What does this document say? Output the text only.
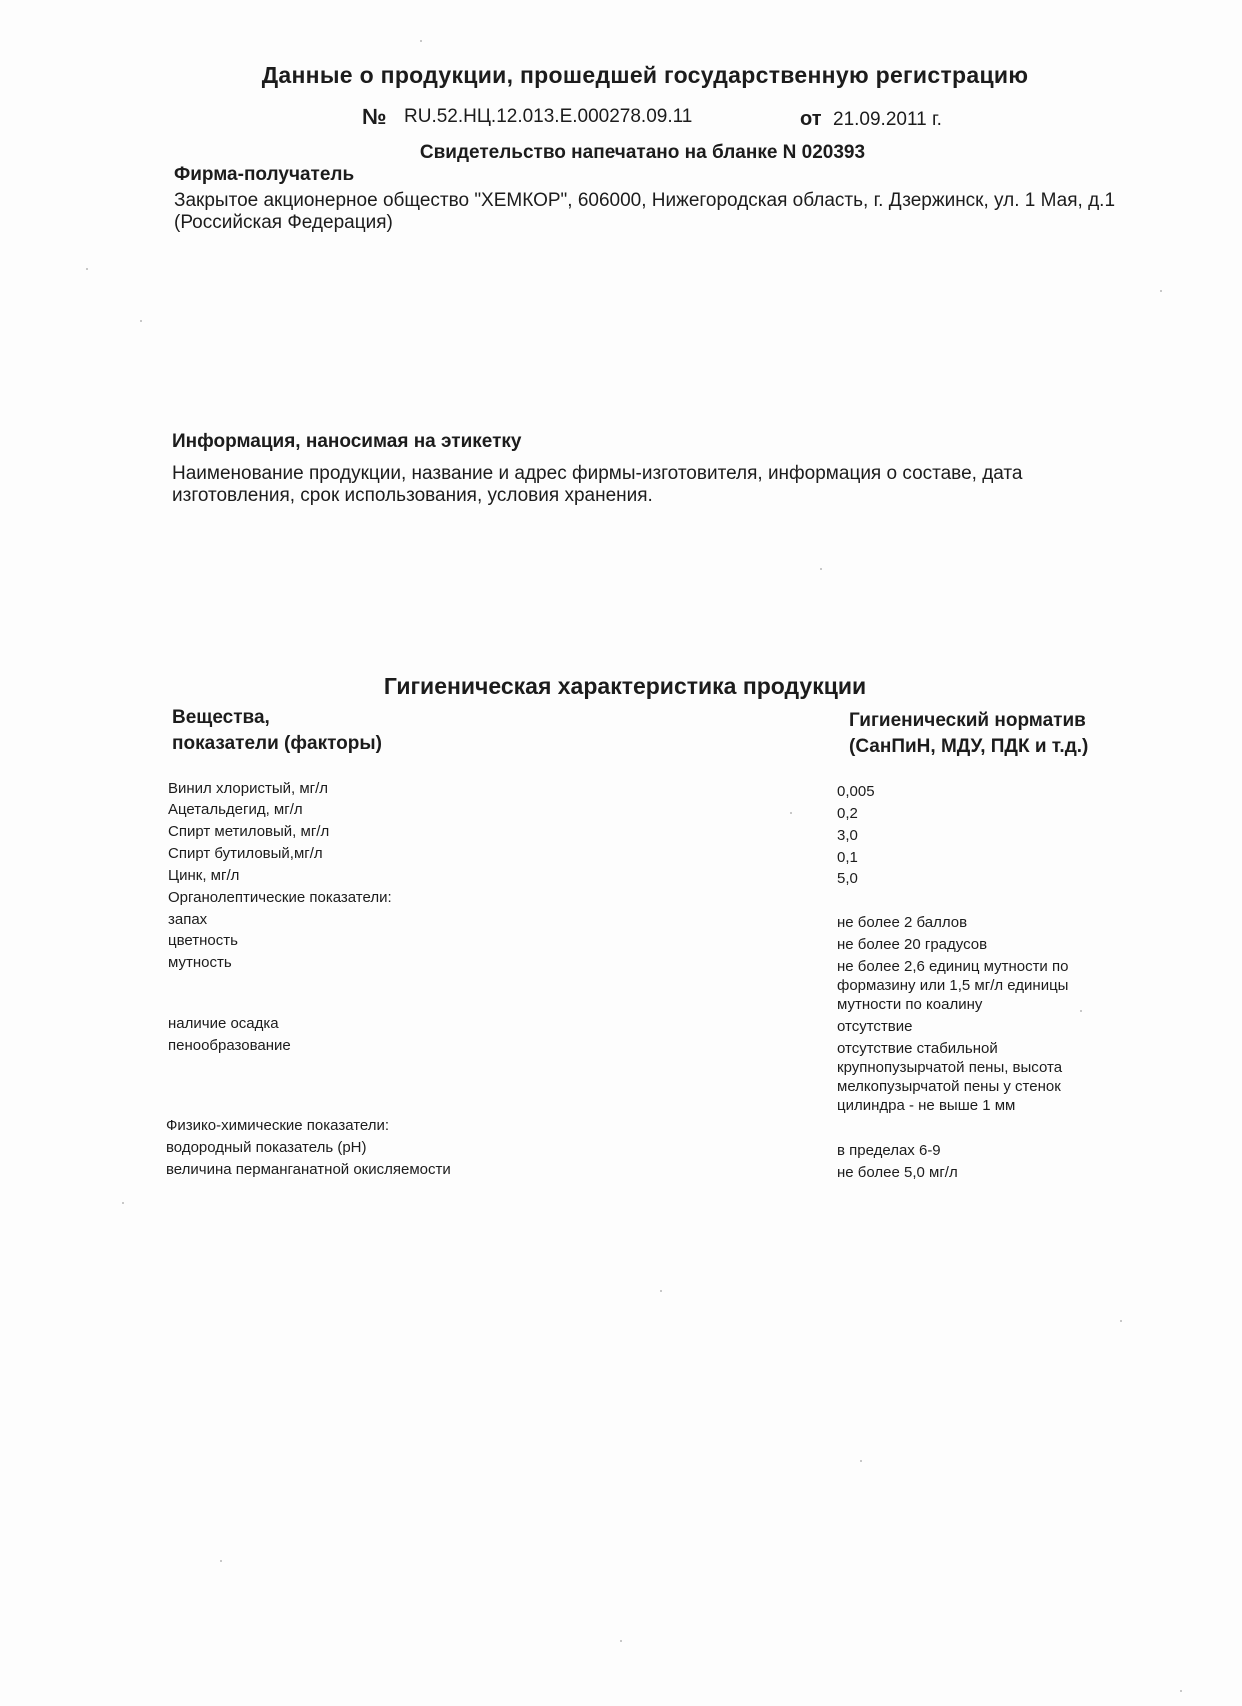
Данные о продукции, прошедшей государственную регистрацию
№ RU.52.НЦ.12.013.Е.000278.09.11	от 21.09.2011 г.
Свидетельство напечатано на бланке N 020393
Фирма-получатель
Закрытое акционерное общество "ХЕМКОР", 606000, Нижегородская область, г. Дзержинск, ул. 1 Мая, д.1 (Российская Федерация)
Информация, наносимая на этикетку
Наименование продукции, название и адрес фирмы-изготовителя, информация о составе, дата изготовления, срок использования, условия хранения.
Гигиеническая характеристика продукции
Вещества,
показатели (факторы)
Гигиенический норматив
(СанПиН, МДУ, ПДК и т.д.)
Винил хлористый, мг/л	0,005
Ацетальдегид, мг/л	0,2
Спирт метиловый, мг/л	3,0
Спирт бутиловый,мг/л	0,1
Цинк, мг/л	5,0
Органолептические показатели:
запах	не более 2 баллов
цветность	не более 20 градусов
мутность	не более 2,6 единиц мутности по формазину или 1,5 мг/л единицы мутности по коалину
наличие осадка	отсутствие
пенообразование	отсутствие стабильной крупнопузырчатой пены, высота мелкопузырчатой пены у стенок цилиндра - не выше 1 мм
Физико-химические показатели:
водородный показатель (рН)	в пределах 6-9
величина перманганатной окисляемости	не более 5,0 мг/л
